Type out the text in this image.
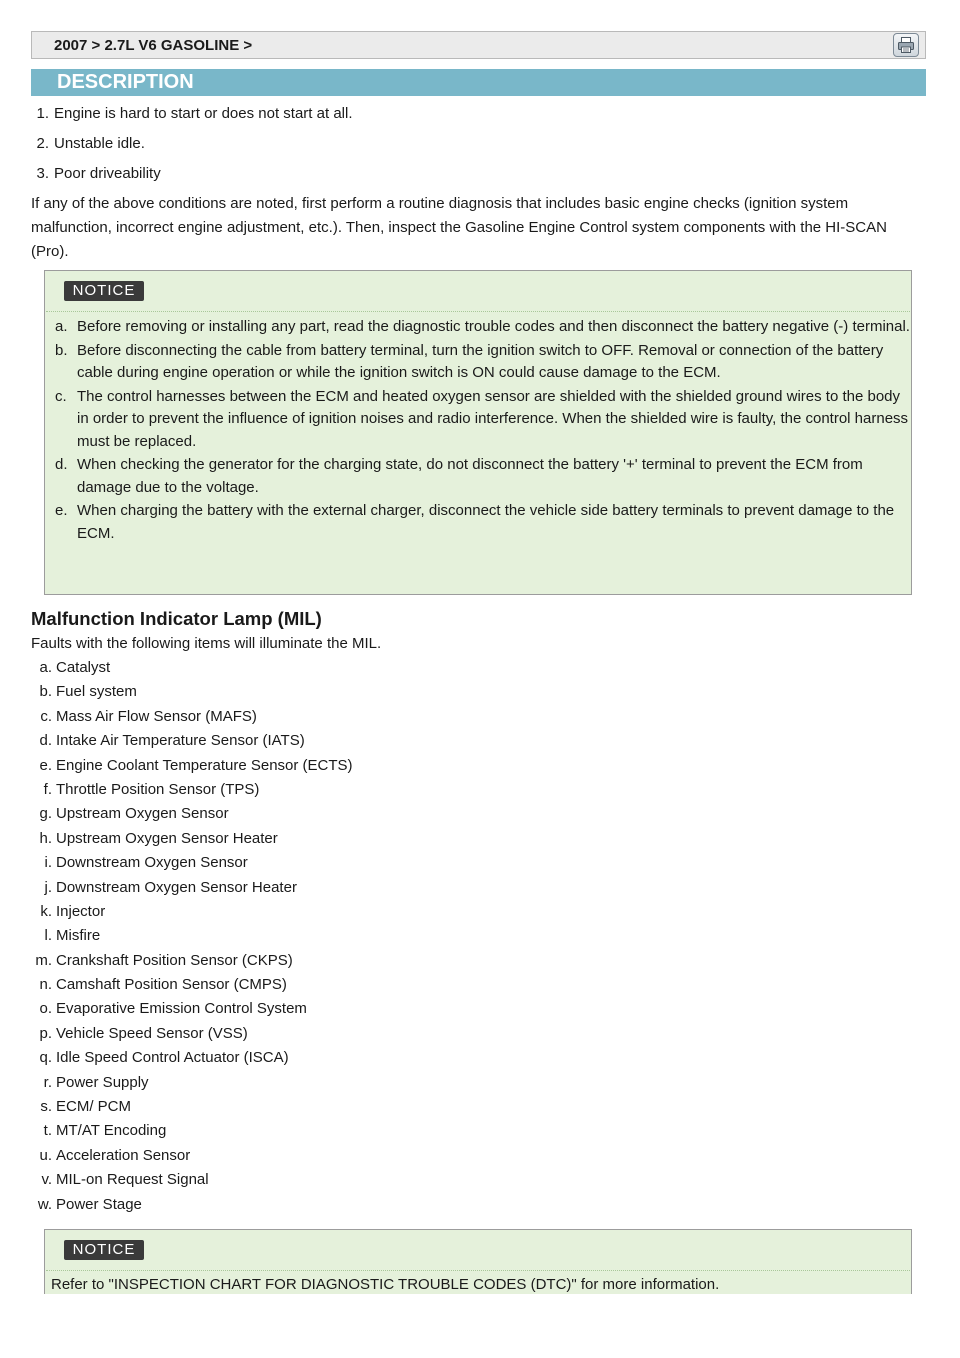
2007 > 2.7L V6 GASOLINE >
DESCRIPTION
1. Engine is hard to start or does not start at all.
2. Unstable idle.
3. Poor driveability

If any of the above conditions are noted, first perform a routine diagnosis that includes basic engine checks (ignition system malfunction, incorrect engine adjustment, etc.). Then, inspect the Gasoline Engine Control system components with the HI-SCAN (Pro).

NOTICE
a. Before removing or installing any part, read the diagnostic trouble codes and then disconnect the battery negative (-) terminal.
b. Before disconnecting the cable from battery terminal, turn the ignition switch to OFF. Removal or connection of the battery cable during engine operation or while the ignition switch is ON could cause damage to the ECM.
c. The control harnesses between the ECM and heated oxygen sensor are shielded with the shielded ground wires to the body in order to prevent the influence of ignition noises and radio interference. When the shielded wire is faulty, the control harness must be replaced.
d. When checking the generator for the charging state, do not disconnect the battery '+' terminal to prevent the ECM from damage due to the voltage.
e. When charging the battery with the external charger, disconnect the vehicle side battery terminals to prevent damage to the ECM.
Malfunction Indicator Lamp (MIL)
Faults with the following items will illuminate the MIL.
a. Catalyst
b. Fuel system
c. Mass Air Flow Sensor (MAFS)
d. Intake Air Temperature Sensor (IATS)
e. Engine Coolant Temperature Sensor (ECTS)
f. Throttle Position Sensor (TPS)
g. Upstream Oxygen Sensor
h. Upstream Oxygen Sensor Heater
i. Downstream Oxygen Sensor
j. Downstream Oxygen Sensor Heater
k. Injector
l. Misfire
m. Crankshaft Position Sensor (CKPS)
n. Camshaft Position Sensor (CMPS)
o. Evaporative Emission Control System
p. Vehicle Speed Sensor (VSS)
q. Idle Speed Control Actuator (ISCA)
r. Power Supply
s. ECM/ PCM
t. MT/AT Encoding
u. Acceleration Sensor
v. MIL-on Request Signal
w. Power Stage
NOTICE
Refer to "INSPECTION CHART FOR DIAGNOSTIC TROUBLE CODES (DTC)" for more information.
